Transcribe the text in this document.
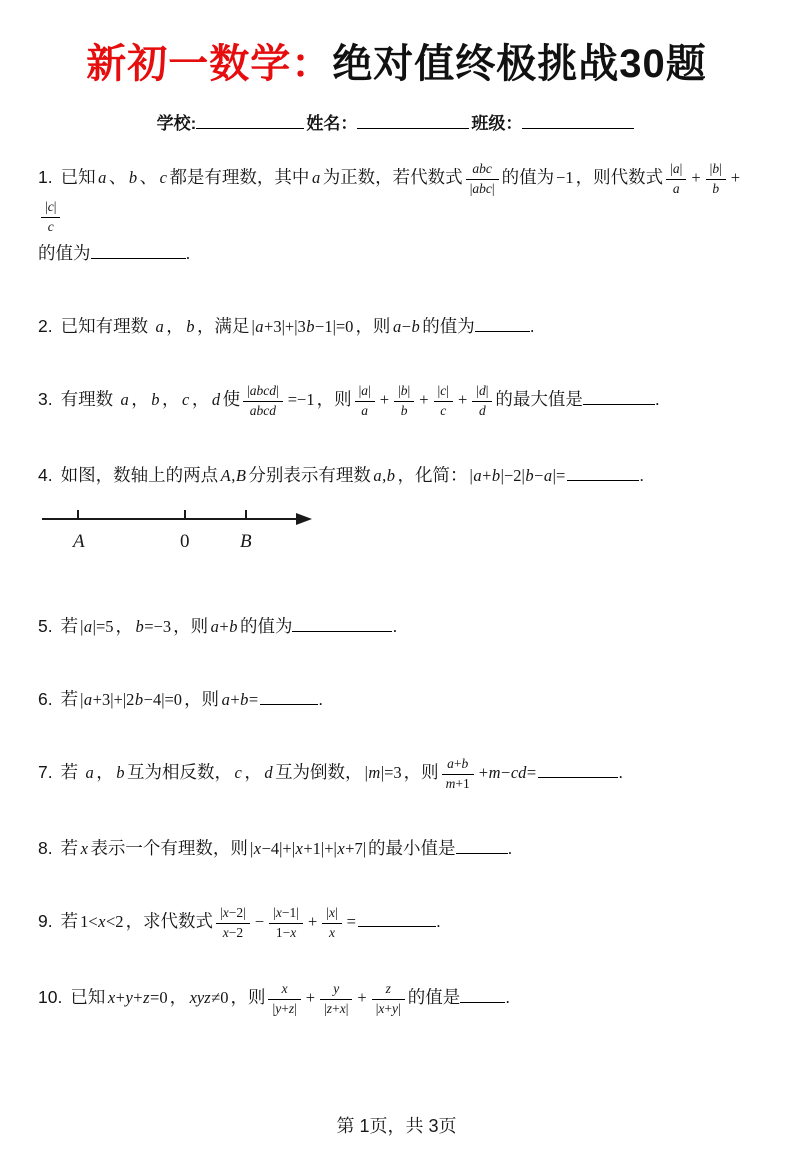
新初一数学：绝对值终极挑战30题
学校:	姓名：	班级：
1. 已知 a 、 b 、 c 都是有理数，其中 a 为正数，若代数式 $\frac{\text{abc}}{\text{|abc|}}$ 的值为 −1 ，则代数式 $\frac{|a|}{a} + \frac{|b|}{b}$ +
$\frac{|c|}{c}$

的值为	.
2. 已知有理数 a ， b ，满足 |a+3|+|3b−1|=0 ，则 a−b 的值为	.
3. 有理数 a ， b ， c ， d 使 $\frac{\text{|abcd|}}{\text{abcd}} =-1$ ，则 $\frac{|a|}{a} + \frac{|b|}{b} + \frac{|c|}{c} + \frac{|d|}{d}$ 的最大值是	.
4. 如图，数轴上的两点 A,B 分别表示有理数 a,b ，化简： |a+b|−2|b−a|=	.
A	0	B
5. 若 |a|=5 ， b=−3 ，则 a+b 的值为	.
6. 若 |a+3|+|2b−4|=0 ，则 a+b=	.
7. 若 a ， b 互为相反数， c ， d 互为倒数， |m|=3 ，则 $\frac{a+b}{m+1} +m-cd=$	.
8. 若 x 表示一个有理数，则 |x−4|+|x+1|+|x+7| 的最小值是	.
9. 若 1<x<2 ，求代数式 $\frac{|x-2|}{x-2} - \frac{|x-1|}{1-x} + \frac{|x|}{x}$ =	.
10. 已知 x+y+z=0 ， xyz≠0 ，则 $\frac{x}{|y+z|} + \frac{y}{|z+x|} + \frac{z}{|x+y|}$ 的值是	.
第 1页，共 3页
